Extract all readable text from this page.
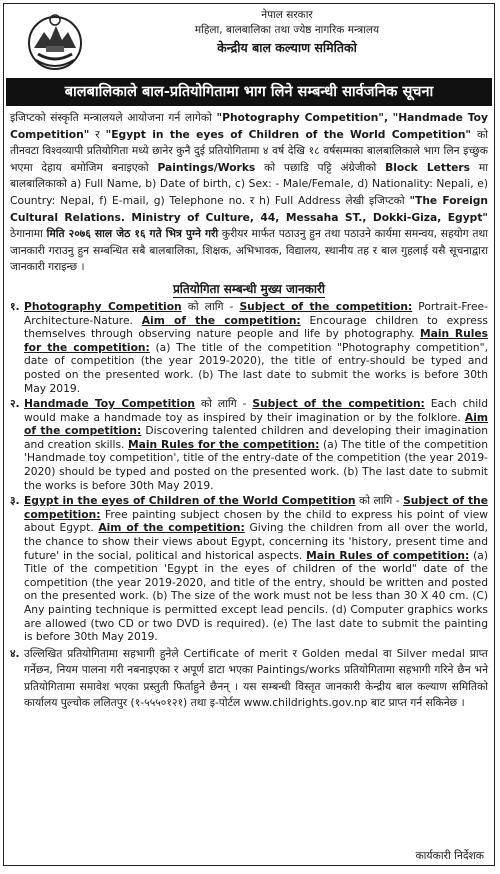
नेपाल सरकार
महिला, बालबालिका तथा ज्येष्ठ नागरिक मन्त्रालय
केन्द्रीय बाल कल्याण समितिको
बालबालिकाले बाल-प्रतियोगितामा भाग लिने सम्बन्धी सार्वजनिक सूचना
इजिप्टको संस्कृति मन्त्रालयले आयोजना गर्न लागेको "Photography Competition", "Handmade Toy Competition" र "Egypt in the eyes of Children of the World Competition" को तीनवटा विश्वव्यापी प्रतियोगिता मध्ये छानेर कुनै दुई प्रतियोगितामा ४ वर्ष देखि १८ वर्षसम्मका बालबालिकाले भाग लिन इच्छुक भएमा देहाय बमोजिम बनाइएको Paintings/Works को पछाडि पट्टि अंग्रेजीको Block Letters मा बालबालिकाको a) Full Name, b) Date of birth, c) Sex: - Male/Female, d) Nationality: Nepali, e) Country: Nepal, f) E-mail, g) Telephone no. र h) Full Address लेखी इजिप्टको "The Foreign Cultural Relations. Ministry of Culture, 44, Messaha ST., Dokki-Giza, Egypt" ठेगानामा मिति २०७६ साल जेठ १६ गते भित्र पुग्ने गरी कुरीयर मार्फत पठाउनु हुन तथा पठाउने कार्यमा समन्वय, सहयोग तथा जानकारी गराउनु हुन सम्बन्धित सबै बालबालिका, शिक्षक, अभिभावक, विद्यालय, स्थानीय तह र बाल गुहलाई यसै सूचनाद्वारा जानकारी गराइन्छ ।
प्रतियोगिता सम्बन्धी मुख्य जानकारी
१. Photography Competition को लागि - Subject of the competition: Portrait-Free-Architecture-Nature. Aim of the competition: Encourage children to express themselves through observing nature people and life by photography. Main Rules for the competition: (a) The title of the competition "Photography competition", date of competition (the year 2019-2020), the title of entry-should be typed and posted on the presented work. (b) The last date to submit the works is before 30th May 2019.
२. Handmade Toy Competition को लागि - Subject of the competition: Each child would make a handmade toy as inspired by their imagination or by the folklore. Aim of the competition: Discovering talented children and developing their imagination and creation skills. Main Rules for the competition: (a) The title of the competition 'Handmade toy competition', title of the entry-date of the competition (the year 2019-2020) should be typed and posted on the presented work. (b) The last date to submit the works is before 30th May 2019.
३. Egypt in the eyes of Children of the World Competition को लागि - Subject of the competition: Free painting subject chosen by the child to express his point of view about Egypt. Aim of the competition: Giving the children from all over the world, the chance to show their views about Egypt, concerning its 'history, present time and future' in the social, political and historical aspects. Main Rules of competition: (a) Title of the competition 'Egypt in the eyes of children of the world" date of the competition (the year 2019-2020, and title of the entry, should be written and posted on the presented work. (b) The size of the work must not be less than 30 X 40 cm. (C) Any painting technique is permitted except lead pencils. (d) Computer graphics works are allowed (two CD or two DVD is required). (e) The last date to submit the painting is before 30th May 2019.
४. उल्लिखित प्रतियोगितामा सहभागी हुनेले Certificate of merit र Golden medal वा Silver medal प्राप्त गर्नेछन, नियम पालना गरी नबनाइएका र अपूर्ण डाटा भएका Paintings/works प्रतियोगितामा सहभागी गरिने छैन भने प्रतियोगितामा समावेश भएका प्रस्तुती फिर्ताहुने छैनन् । यस सम्बन्धी विस्तृत जानकारी केन्द्रीय बाल कल्याण समितिको कार्यालय पुल्चोक ललितपुर (१-५५५०१२१) तथा इ-पोर्टल www.childrights.gov.np बाट प्राप्त गर्न सकिनेछ ।
कार्यकारी निर्देशक
